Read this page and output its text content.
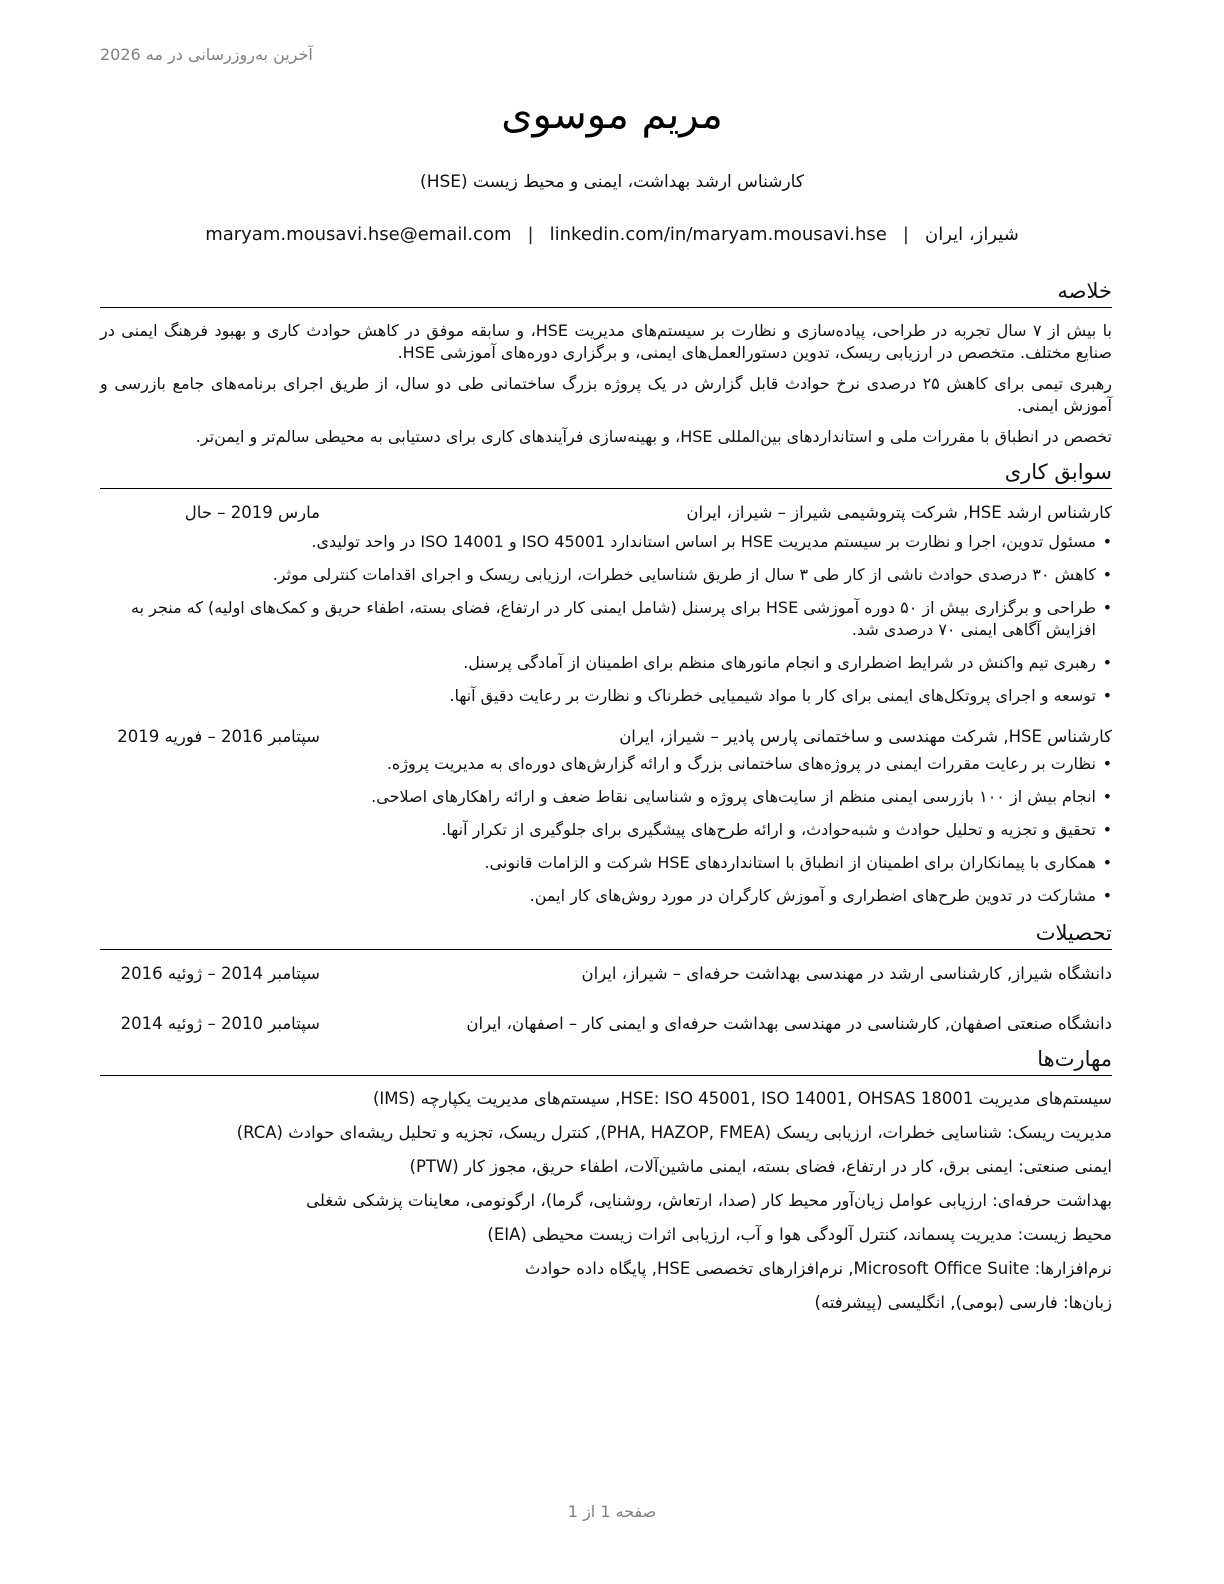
آخرین به‌روزرسانی در مه 2026
مریم موسوی
کارشناس ارشد بهداشت، ایمنی و محیط زیست (HSE)
شیراز، ایران|maryam.mousavi.hse@email.com | linkedin.com/in/maryam.mousavi.hse
خلاصه

با بیش از ۷ سال تجربه در طراحی، پیاده‌سازی و نظارت بر سیستم‌های مدیریت HSE، و سابقه موفق در کاهش حوادث کاری و بهبود فرهنگ ایمنی در صنایع مختلف. متخصص در ارزیابی ریسک، تدوین دستورالعمل‌های ایمنی، و برگزاری دوره‌های آموزشی HSE.

رهبری تیمی برای کاهش ۲۵ درصدی نرخ حوادث قابل گزارش در یک پروژه بزرگ ساختمانی طی دو سال، از طریق اجرای برنامه‌های جامع بازرسی و آموزش ایمنی.

تخصص در انطباق با مقررات ملی و استانداردهای بین‌المللی HSE، و بهینه‌سازی فرآیندهای کاری برای دستیابی به محیطی سالم‌تر و ایمن‌تر.

سوابق کاری
کارشناس ارشد HSE, شرکت پتروشیمی شیراز – شیراز، ایران
مارس 2019 – حال
• مسئول تدوین، اجرا و نظارت بر سیستم مدیریت HSE بر اساس استاندارد ISO 45001 و ISO 14001 در واحد تولیدی.
• کاهش ۳۰ درصدی حوادث ناشی از کار طی ۳ سال از طریق شناسایی خطرات، ارزیابی ریسک و اجرای اقدامات کنترلی موثر.
• طراحی و برگزاری بیش از ۵۰ دوره آموزشی HSE برای پرسنل (شامل ایمنی کار در ارتفاع، فضای بسته، اطفاء حریق و کمک‌های اولیه) که منجر به افزایش آگاهی ایمنی ۷۰ درصدی شد.
• رهبری تیم واکنش در شرایط اضطراری و انجام مانورهای منظم برای اطمینان از آمادگی پرسنل.
• توسعه و اجرای پروتکل‌های ایمنی برای کار با مواد شیمیایی خطرناک و نظارت بر رعایت دقیق آنها.
کارشناس HSE, شرکت مهندسی و ساختمانی پارس پادیر – شیراز، ایران
سپتامبر 2016 – فوریه 2019
• نظارت بر رعایت مقررات ایمنی در پروژه‌های ساختمانی بزرگ و ارائه گزارش‌های دوره‌ای به مدیریت پروژه.
• انجام بیش از ۱۰۰ بازرسی ایمنی منظم از سایت‌های پروژه و شناسایی نقاط ضعف و ارائه راهکارهای اصلاحی.
• تحقیق و تجزیه و تحلیل حوادث و شبه‌حوادث، و ارائه طرح‌های پیشگیری برای جلوگیری از تکرار آنها.
• همکاری با پیمانکاران برای اطمینان از انطباق با استانداردهای HSE شرکت و الزامات قانونی.
• مشارکت در تدوین طرح‌های اضطراری و آموزش کارگران در مورد روش‌های کار ایمن.
تحصیلات
دانشگاه شیراز, کارشناسی ارشد در مهندسی بهداشت حرفه‌ای – شیراز، ایران
سپتامبر 2014 – ژوئیه 2016
دانشگاه صنعتی اصفهان, کارشناسی در مهندسی بهداشت حرفه‌ای و ایمنی کار – اصفهان، ایران
سپتامبر 2010 – ژوئیه 2014
مهارت‌ها
سیستم‌های مدیریت HSE: ISO 45001, ISO 14001, OHSAS 18001, سیستم‌های مدیریت یکپارچه (IMS)
مدیریت ریسک: شناسایی خطرات، ارزیابی ریسک (PHA, HAZOP, FMEA), کنترل ریسک، تجزیه و تحلیل ریشه‌ای حوادث (RCA)
ایمنی صنعتی: ایمنی برق، کار در ارتفاع، فضای بسته، ایمنی ماشین‌آلات، اطفاء حریق، مجوز کار (PTW)
بهداشت حرفه‌ای: ارزیابی عوامل زیان‌آور محیط کار (صدا، ارتعاش، روشنایی، گرما)، ارگونومی، معاینات پزشکی شغلی
محیط زیست: مدیریت پسماند، کنترل آلودگی هوا و آب، ارزیابی اثرات زیست محیطی (EIA)
نرم‌افزارها: Microsoft Office Suite, نرم‌افزارهای تخصصی HSE, پایگاه داده حوادث
زبان‌ها: فارسی (بومی), انگلیسی (پیشرفته)
صفحه 1 از 1
